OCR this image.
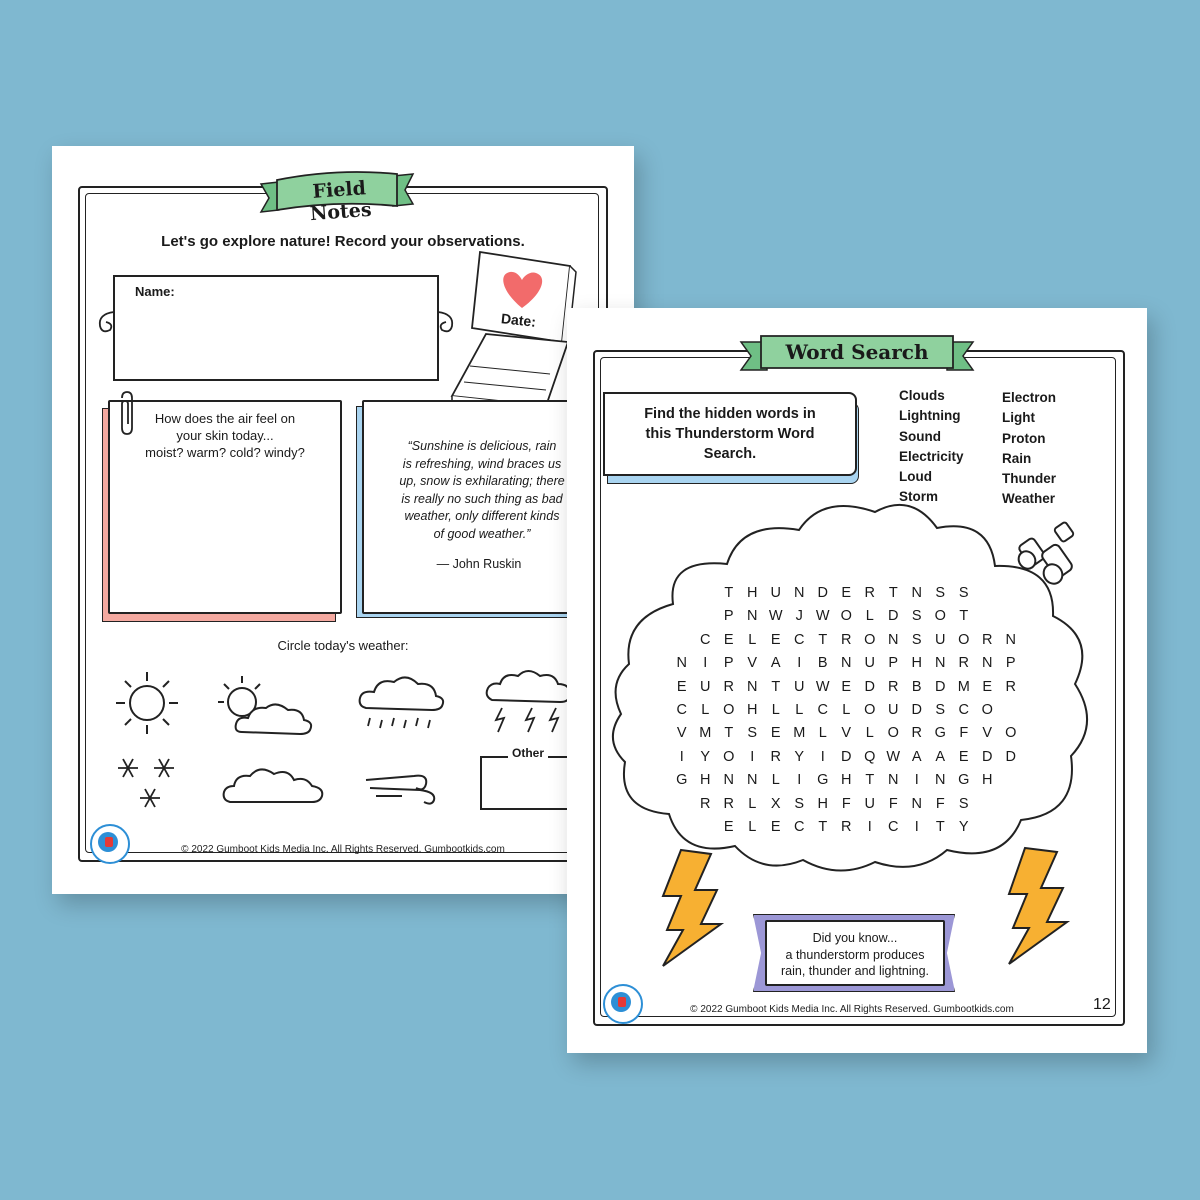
Field Notes
Let's go explore nature! Record your observations.
Name:
Date:
How does the air feel on
your skin today...
moist? warm? cold? windy?	“Sunshine is delicious, rain
is refreshing, wind braces us
up, snow is exhilarating; there
is really no such thing as bad
weather, only different kinds
of good weather.”
— John Ruskin
Circle today's weather:
Other
© 2022 Gumboot Kids Media Inc. All Rights Reserved. Gumbootkids.com
Word Search
Find the hidden words in
this Thunderstorm Word
Search.
Clouds
Lightning
Sound
Electricity
Loud
Storm
Electron
Light
Proton
Rain
Thunder
Weather
T H U N D E R T N S S
P N W J W O L D S O T
C E L E C T R O N S U O R N
N I P V A I B N U P H N R N P
E U R N T U W E D R B D M E R
C L O H L L C L O U D S C O
V M T S E M L V L O R G F V O
I Y O I R Y I D Q W A A E D D
G H N N L I G H T N I N G H
R R L X S H F U F N F S
E L E C T R I C I T Y
Did you know...
a thunderstorm produces
rain, thunder and lightning.
© 2022 Gumboot Kids Media Inc. All Rights Reserved. Gumbootkids.com	12
